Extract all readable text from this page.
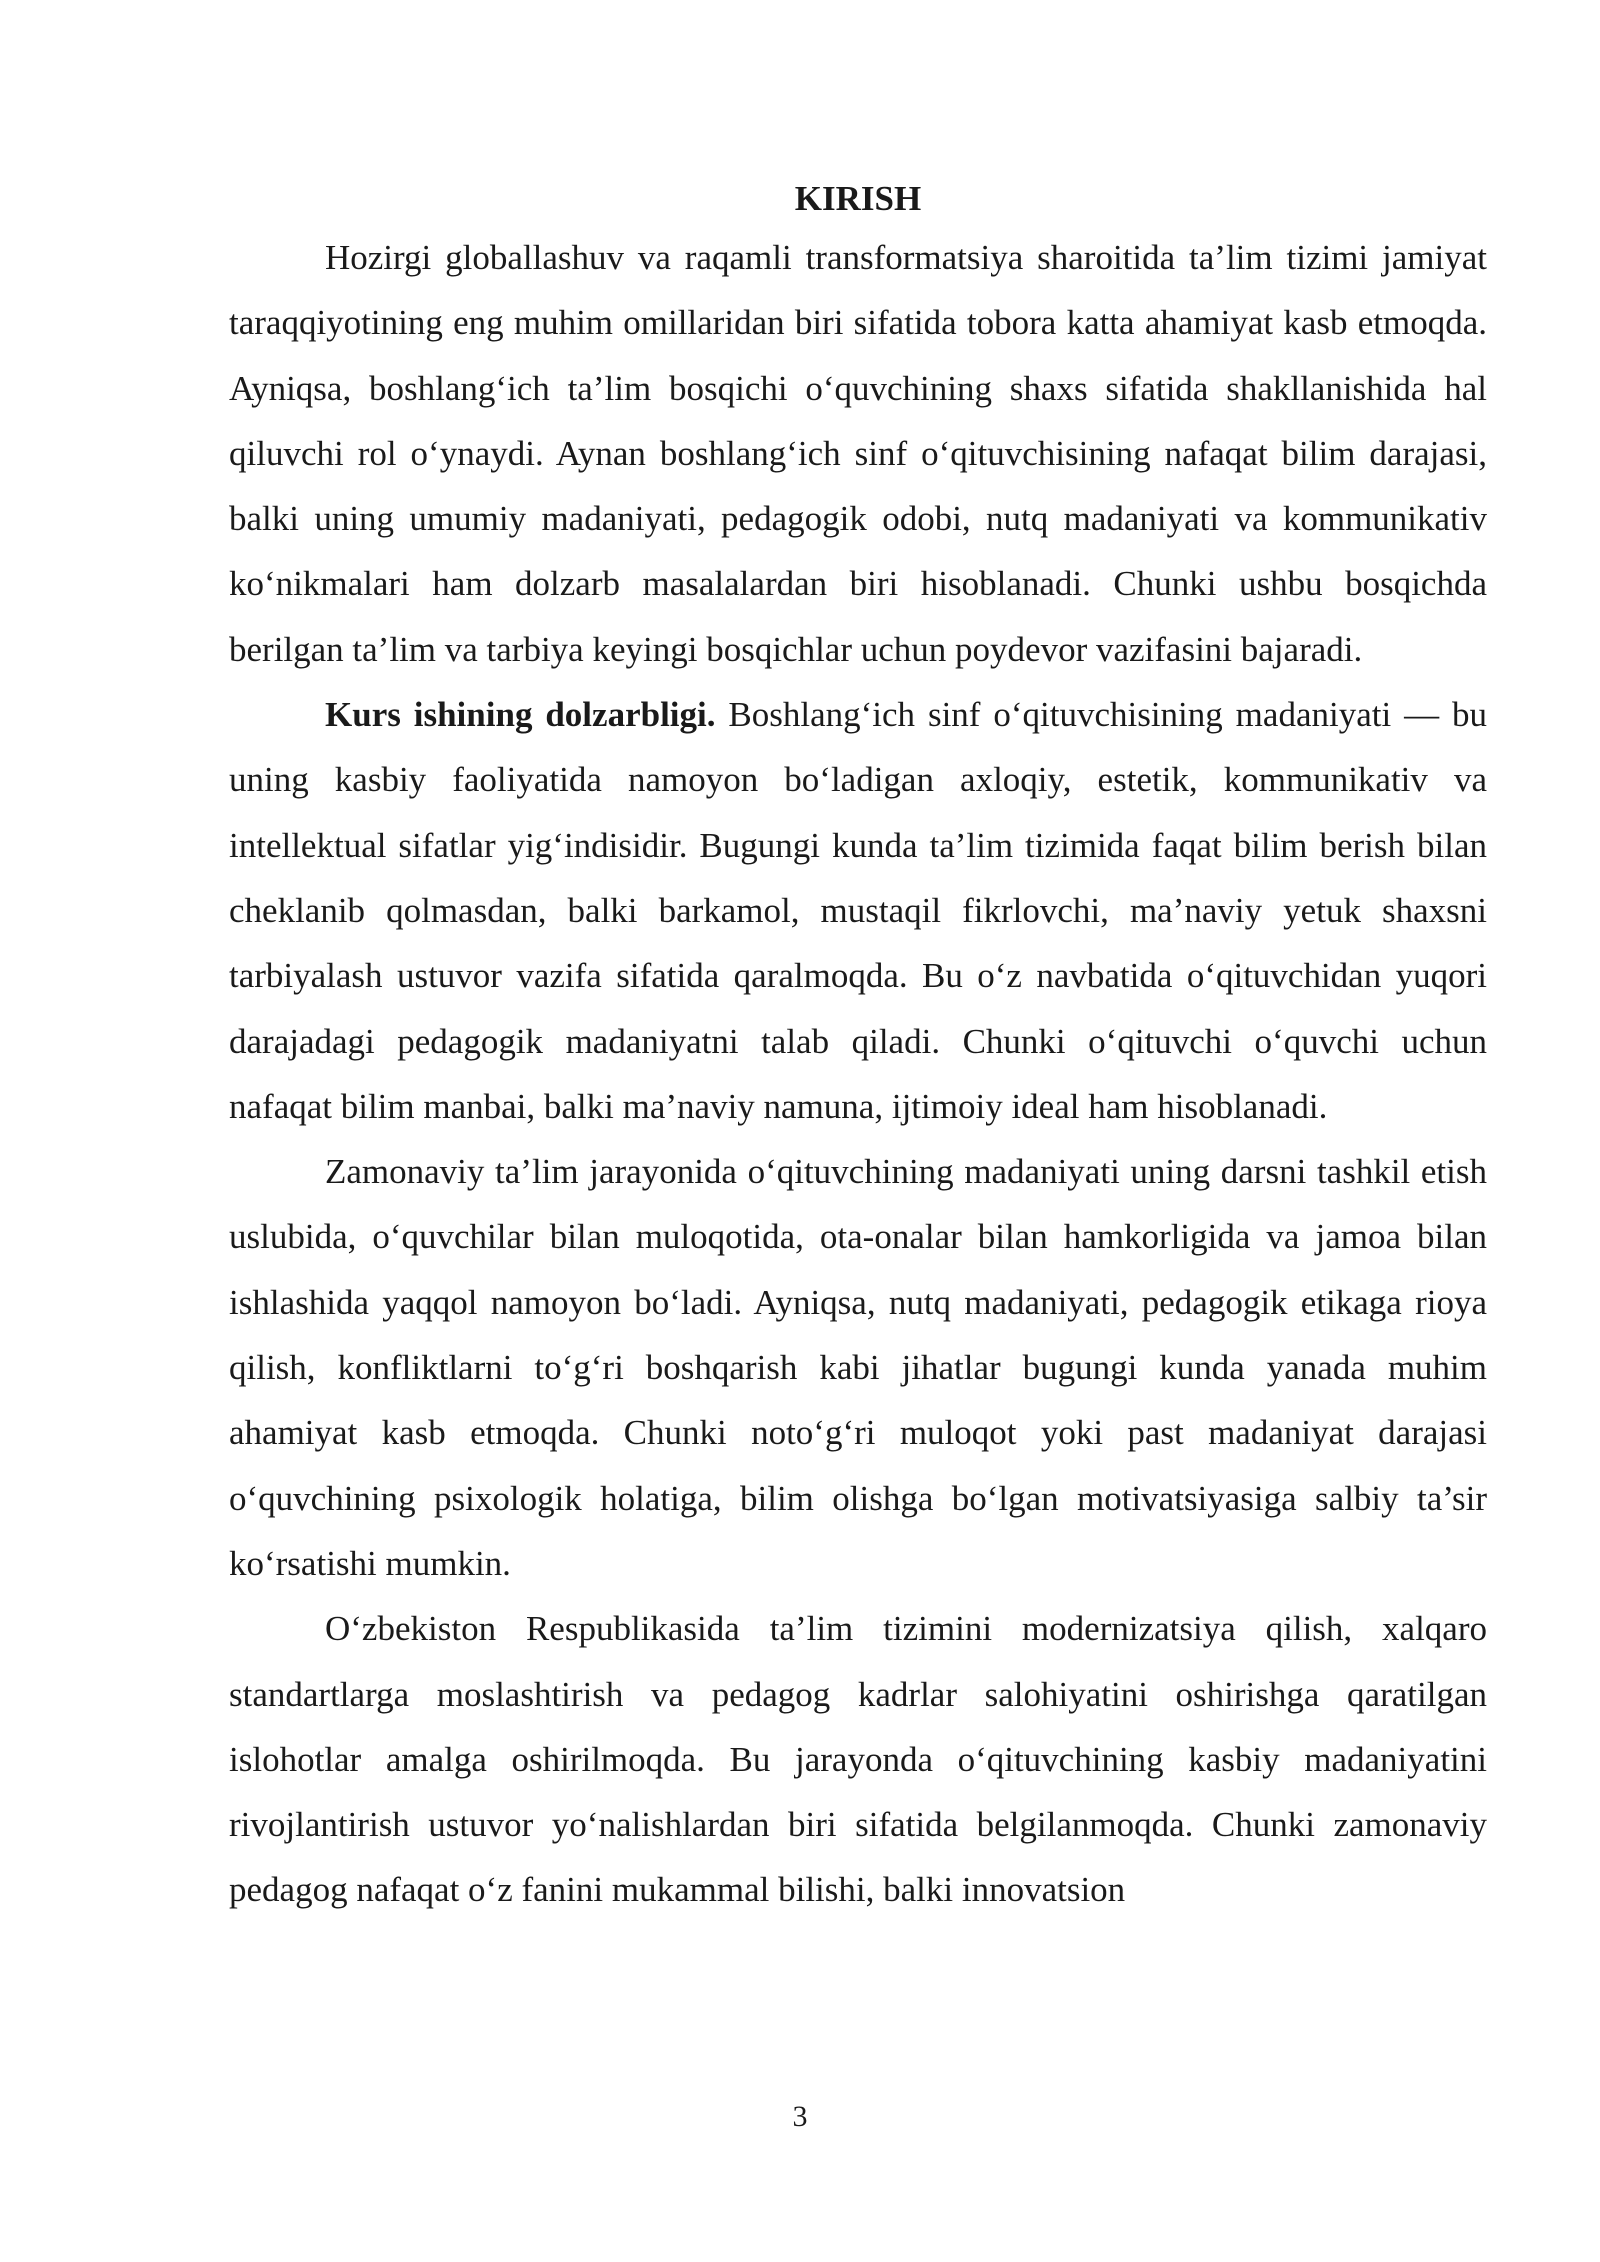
KIRISH

Hozirgi globallashuv va raqamli transformatsiya sharoitida ta’lim tizimi jamiyat taraqqiyotining eng muhim omillaridan biri sifatida tobora katta ahamiyat kasb etmoqda. Ayniqsa, boshlang‘ich ta’lim bosqichi o‘quvchining shaxs sifatida shakllanishida hal qiluvchi rol o‘ynaydi. Aynan boshlang‘ich sinf o‘qituvchisining nafaqat bilim darajasi, balki uning umumiy madaniyati, pedagogik odobi, nutq madaniyati va kommunikativ ko‘nikmalari ham dolzarb masalalardan biri hisoblanadi. Chunki ushbu bosqichda berilgan ta’lim va tarbiya keyingi bosqichlar uchun poydevor vazifasini bajaradi.

Kurs ishining dolzarbligi. Boshlang‘ich sinf o‘qituvchisining madaniyati — bu uning kasbiy faoliyatida namoyon bo‘ladigan axloqiy, estetik, kommunikativ va intellektual sifatlar yig‘indisidir. Bugungi kunda ta’lim tizimida faqat bilim berish bilan cheklanib qolmasdan, balki barkamol, mustaqil fikrlovchi, ma’naviy yetuk shaxsni tarbiyalash ustuvor vazifa sifatida qaralmoqda. Bu o‘z navbatida o‘qituvchidan yuqori darajadagi pedagogik madaniyatni talab qiladi. Chunki o‘qituvchi o‘quvchi uchun nafaqat bilim manbai, balki ma’naviy namuna, ijtimoiy ideal ham hisoblanadi.

Zamonaviy ta’lim jarayonida o‘qituvchining madaniyati uning darsni tashkil etish uslubida, o‘quvchilar bilan muloqotida, ota-onalar bilan hamkorligida va jamoa bilan ishlashida yaqqol namoyon bo‘ladi. Ayniqsa, nutq madaniyati, pedagogik etikaga rioya qilish, konfliktlarni to‘g‘ri boshqarish kabi jihatlar bugungi kunda yanada muhim ahamiyat kasb etmoqda. Chunki noto‘g‘ri muloqot yoki past madaniyat darajasi o‘quvchining psixologik holatiga, bilim olishga bo‘lgan motivatsiyasiga salbiy ta’sir ko‘rsatishi mumkin.

O‘zbekiston Respublikasida ta’lim tizimini modernizatsiya qilish, xalqaro standartlarga moslashtirish va pedagog kadrlar salohiyatini oshirishga qaratilgan islohotlar amalga oshirilmoqda. Bu jarayonda o‘qituvchining kasbiy madaniyatini rivojlantirish ustuvor yo‘nalishlardan biri sifatida belgilanmoqda. Chunki zamonaviy pedagog nafaqat o‘z fanini mukammal bilishi, balki innovatsion

3
